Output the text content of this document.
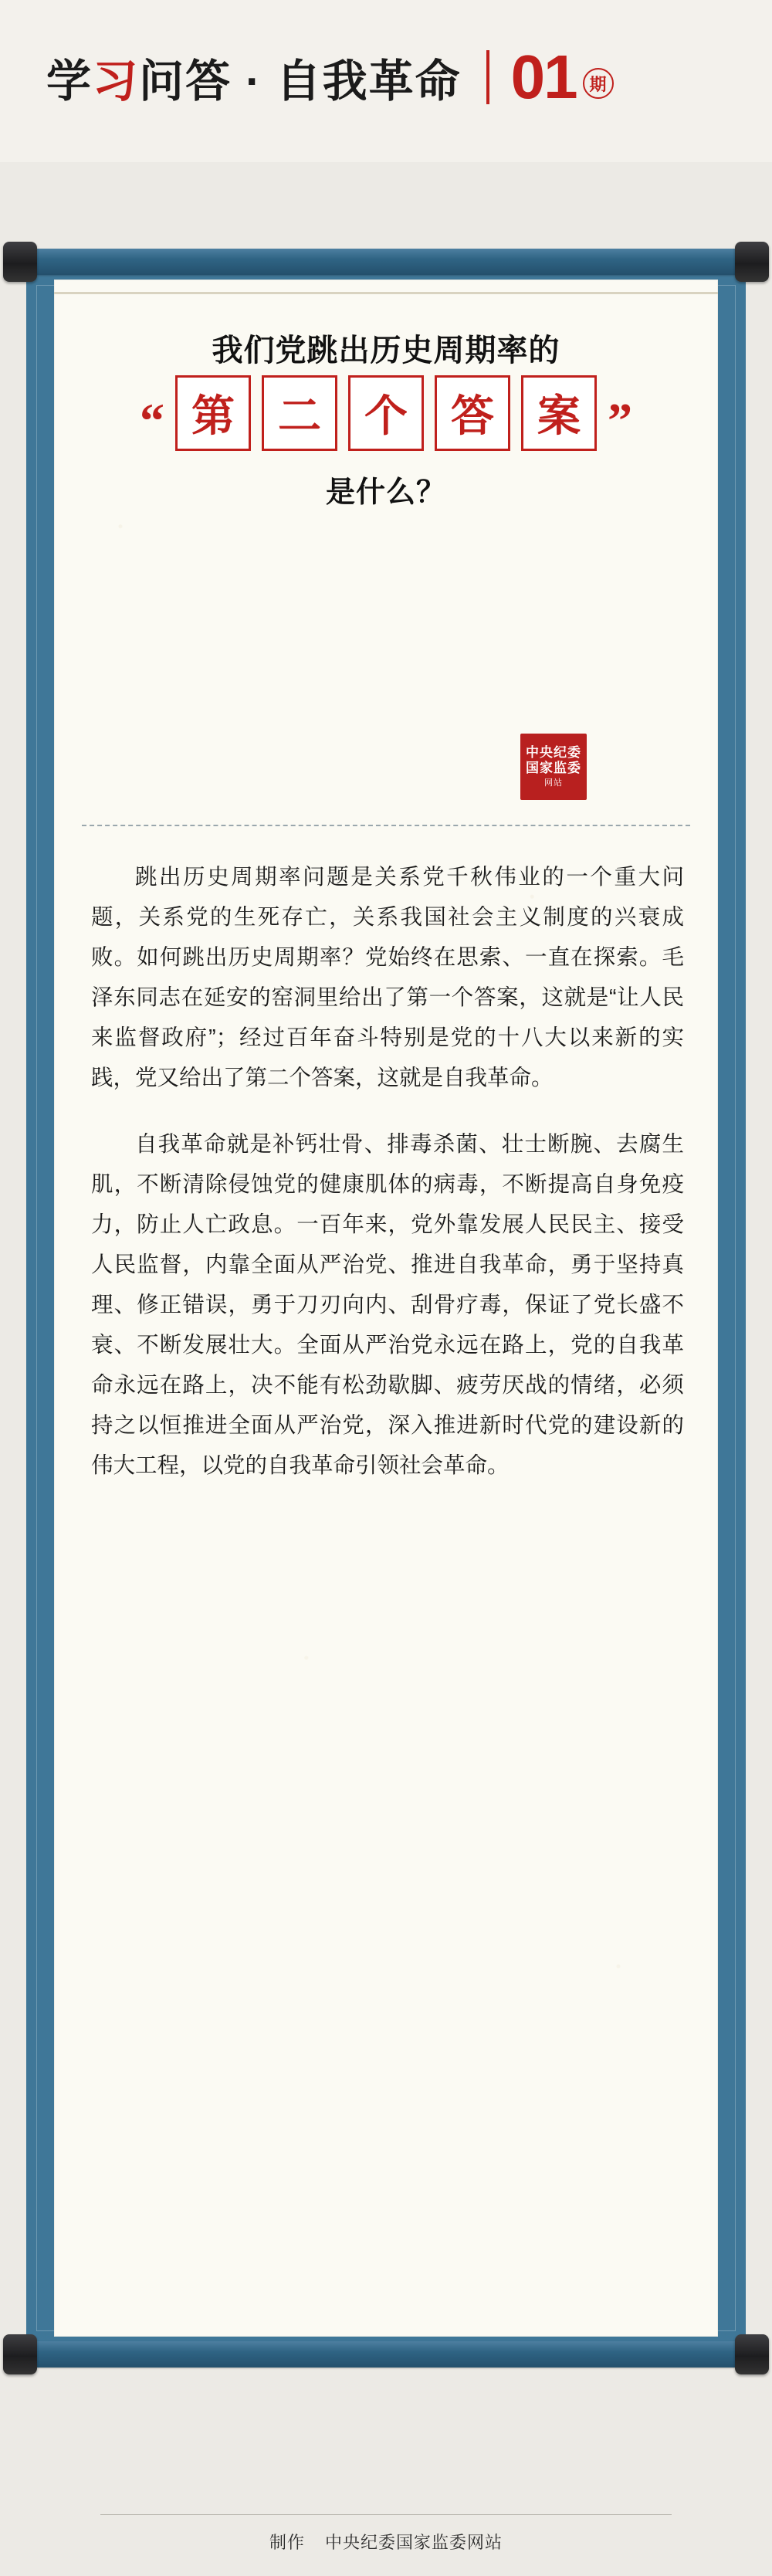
学习问答 · 自我革命 01 期
我们党跳出历史周期率的
“ 第	二	个	答	案 ”
是什么？
中央纪委
国家监委
网站

跳出历史周期率问题是关系党千秋伟业的一个重大问题，关系党的生死存亡，关系我国社会主义制度的兴衰成败。如何跳出历史周期率？党始终在思索、一直在探索。毛泽东同志在延安的窑洞里给出了第一个答案，这就是“让人民来监督政府”；经过百年奋斗特别是党的十八大以来新的实践，党又给出了第二个答案，这就是自我革命。

自我革命就是补钙壮骨、排毒杀菌、壮士断腕、去腐生肌，不断清除侵蚀党的健康肌体的病毒，不断提高自身免疫力，防止人亡政息。一百年来，党外靠发展人民民主、接受人民监督，内靠全面从严治党、推进自我革命，勇于坚持真理、修正错误，勇于刀刃向内、刮骨疗毒，保证了党长盛不衰、不断发展壮大。全面从严治党永远在路上，党的自我革命永远在路上，决不能有松劲歇脚、疲劳厌战的情绪，必须持之以恒推进全面从严治党，深入推进新时代党的建设新的伟大工程，以党的自我革命引领社会革命。

制作 中央纪委国家监委网站
